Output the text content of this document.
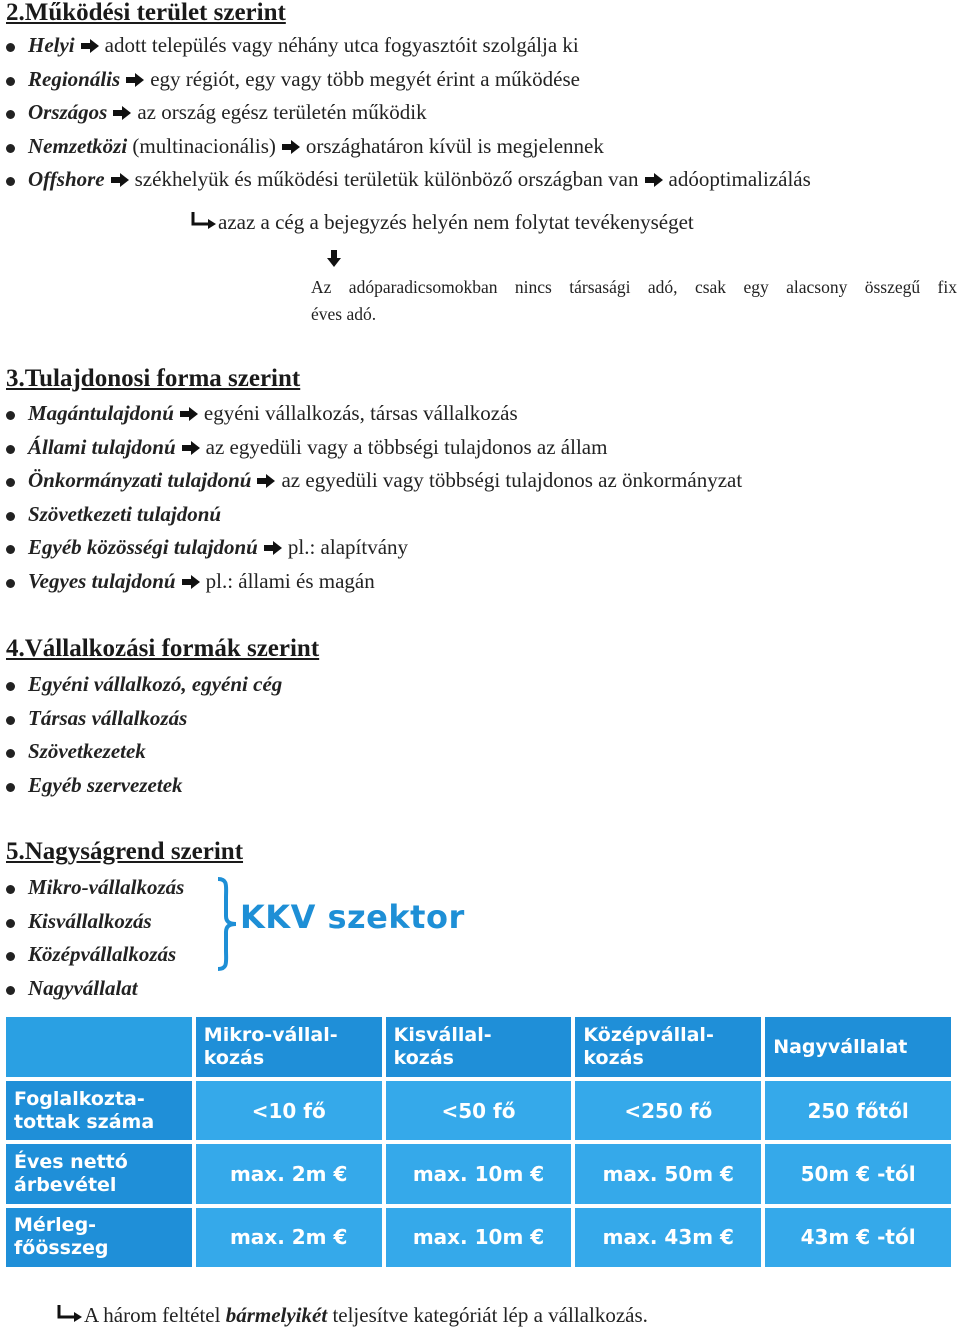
2.Működési terület szerint
Helyi adott település vagy néhány utca fogyasztóit szolgálja ki
Regionális egy régiót, egy vagy több megyét érint a működése
Országos az ország egész területén működik
Nemzetközi (multinacionális) országhatáron kívül is megjelennek
Offshore székhelyük és működési területük különböző országban van adóoptimalizálás
azaz a cég a bejegyzés helyén nem folytat tevékenységet
Az adóparadicsomokban nincs társasági adó, csak egy alacsony összegű fix
éves adó.
3.Tulajdonosi forma szerint
Magántulajdonú egyéni vállalkozás, társas vállalkozás
Állami tulajdonú az egyedüli vagy a többségi tulajdonos az állam
Önkormányzati tulajdonú az egyedüli vagy többségi tulajdonos az önkormányzat
Szövetkezeti tulajdonú
Egyéb közösségi tulajdonú pl.: alapítvány
Vegyes tulajdonú pl.: állami és magán
4.Vállalkozási formák szerint
Egyéni vállalkozó, egyéni cég
Társas vállalkozás
Szövetkezetek
Egyéb szervezetek
5.Nagyságrend szerint
Mikro-vállalkozás
Kisvállalkozás
Középvállalkozás
Nagyvállalat
KKV szektor
	Mikro-vállal-
kozás	Kisvállal-
kozás	Középvállal-
kozás	Nagyvállalat
Foglalkozta-
tottak száma	<10 fő	<50 fő	<250 fő	250 főtől
Éves nettó
árbevétel	max. 2m €	max. 10m €	max. 50m €	50m € -tól
Mérleg-
főösszeg	max. 2m €	max. 10m €	max. 43m €	43m € -tól
A három feltétel bármelyikét teljesítve kategóriát lép a vállalkozás.
